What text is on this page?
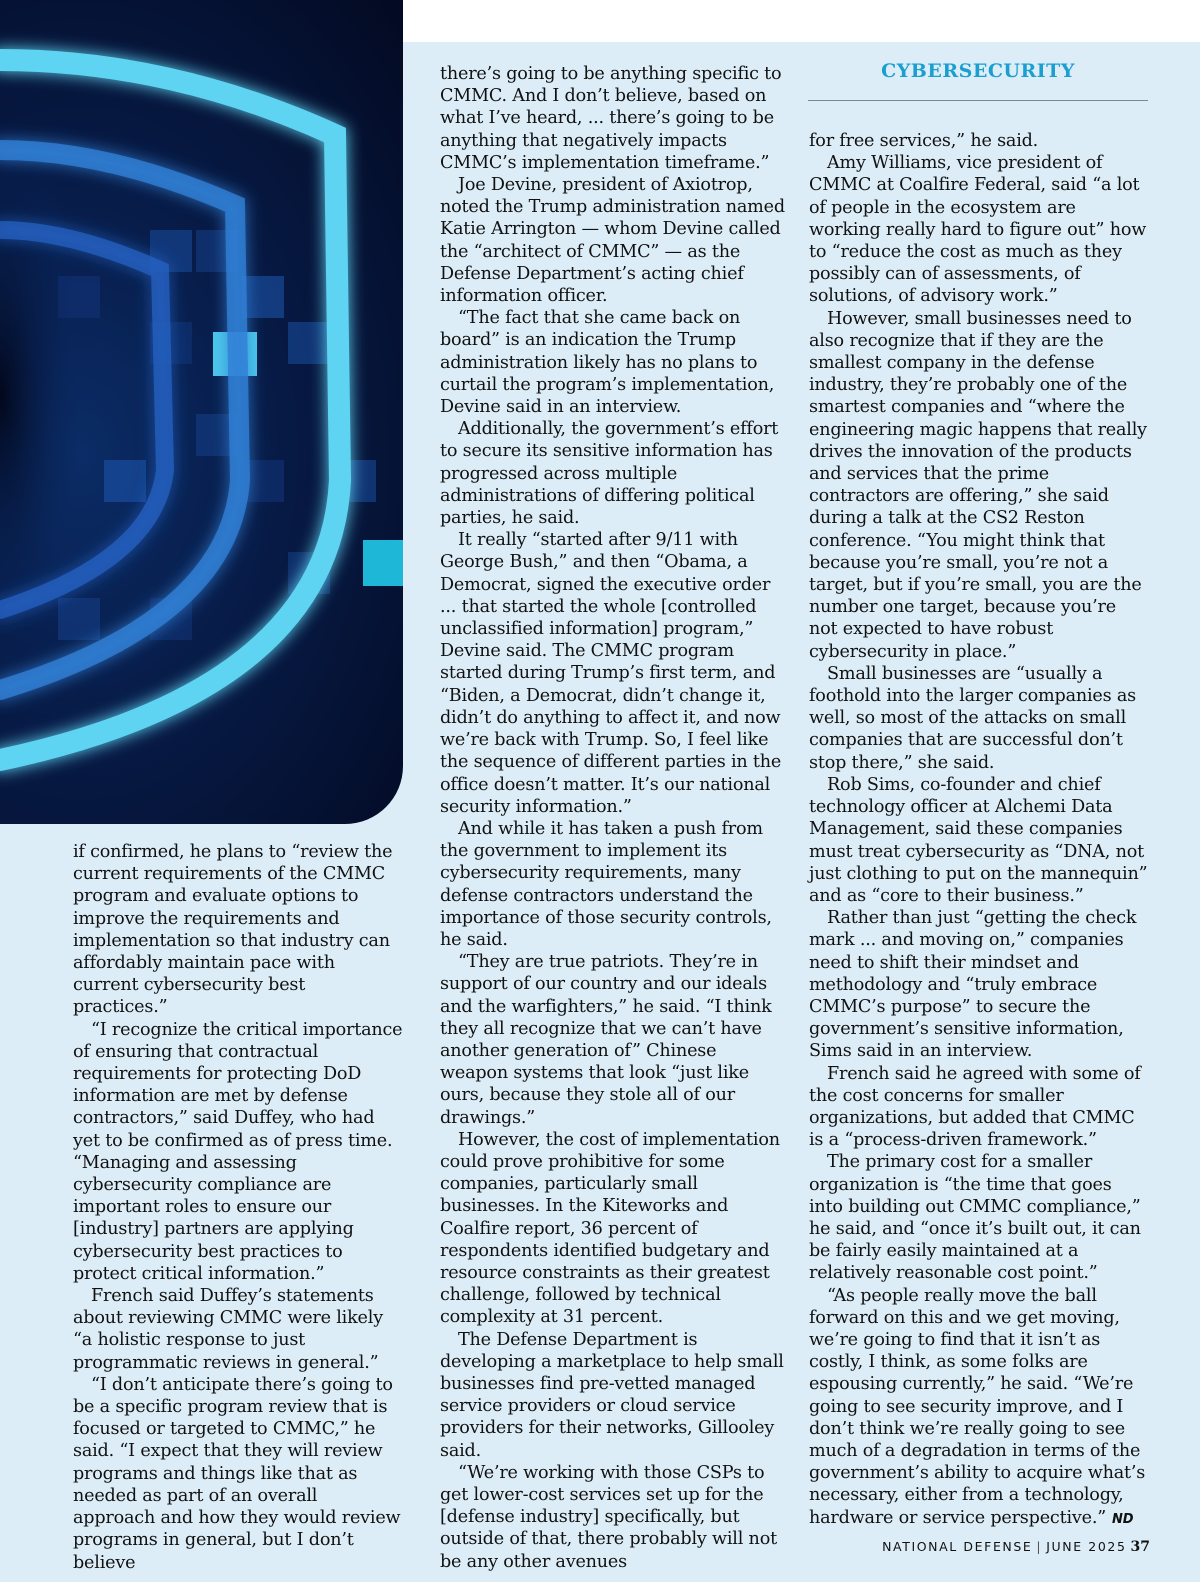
CYBERSECURITY

if confirmed, he plans to “review the current requirements of the CMMC program and evaluate options to improve the requirements and implementation so that industry can affordably maintain pace with current cybersecurity best practices.”

“I recognize the critical importance of ensuring that contractual requirements for protecting DoD information are met by defense contractors,” said Duffey, who had yet to be confirmed as of press time. “Managing and assessing cybersecurity compliance are important roles to ensure our [industry] partners are applying cybersecurity best practices to protect critical information.”

French said Duffey’s statements about reviewing CMMC were likely “a holistic response to just programmatic reviews in general.”

“I don’t anticipate there’s going to be a specific program review that is focused or targeted to CMMC,” he said. “I expect that they will review programs and things like that as needed as part of an overall approach and how they would review programs in general, but I don’t believe

there’s going to be anything specific to CMMC. And I don’t believe, based on what I’ve heard, ... there’s going to be anything that negatively impacts CMMC’s implementation timeframe.”

Joe Devine, president of Axiotrop, noted the Trump administration named Katie Arrington — whom Devine called the “architect of CMMC” — as the Defense Department’s acting chief information officer.

“The fact that she came back on board” is an indication the Trump administration likely has no plans to curtail the program’s implementation, Devine said in an interview.

Additionally, the government’s effort to secure its sensitive information has progressed across multiple administrations of differing political parties, he said.

It really “started after 9/11 with George Bush,” and then “Obama, a Democrat, signed the executive order ... that started the whole [controlled unclassified information] program,” Devine said. The CMMC program started during Trump’s first term, and “Biden, a Democrat, didn’t change it, didn’t do anything to affect it, and now we’re back with Trump. So, I feel like the sequence of different parties in the office doesn’t matter. It’s our national security information.”

And while it has taken a push from the government to implement its cybersecurity requirements, many defense contractors understand the importance of those security controls, he said.

“They are true patriots. They’re in support of our country and our ideals and the warfighters,” he said. “I think they all recognize that we can’t have another generation of” Chinese weapon systems that look “just like ours, because they stole all of our drawings.”

However, the cost of implementation could prove prohibitive for some companies, particularly small businesses. In the Kiteworks and Coalfire report, 36 percent of respondents identified budgetary and resource constraints as their greatest challenge, followed by technical complexity at 31 percent.

The Defense Department is developing a marketplace to help small businesses find pre-vetted managed service providers or cloud service providers for their networks, Gillooley said.

“We’re working with those CSPs to get lower-cost services set up for the [defense industry] specifically, but outside of that, there probably will not be any other avenues

for free services,” he said.

Amy Williams, vice president of CMMC at Coalfire Federal, said “a lot of people in the ecosystem are working really hard to figure out” how to “reduce the cost as much as they possibly can of assessments, of solutions, of advisory work.”

However, small businesses need to also recognize that if they are the smallest company in the defense industry, they’re probably one of the smartest companies and “where the engineering magic happens that really drives the innovation of the products and services that the prime contractors are offering,” she said during a talk at the CS2 Reston conference. “You might think that because you’re small, you’re not a target, but if you’re small, you are the number one target, because you’re not expected to have robust cybersecurity in place.”

Small businesses are “usually a foothold into the larger companies as well, so most of the attacks on small companies that are successful don’t stop there,” she said.

Rob Sims, co-founder and chief technology officer at Alchemi Data Management, said these companies must treat cybersecurity as “DNA, not just clothing to put on the mannequin” and as “core to their business.”

Rather than just “getting the check mark ... and moving on,” companies need to shift their mindset and methodology and “truly embrace CMMC’s purpose” to secure the government’s sensitive information, Sims said in an interview.

French said he agreed with some of the cost concerns for smaller organizations, but added that CMMC is a “process-driven framework.”

The primary cost for a smaller organization is “the time that goes into building out CMMC compliance,” he said, and “once it’s built out, it can be fairly easily maintained at a relatively reasonable cost point.”

“As people really move the ball forward on this and we get moving, we’re going to find that it isn’t as costly, I think, as some folks are espousing currently,” he said. “We’re going to see security improve, and I don’t think we’re really going to see much of a degradation in terms of the government’s ability to acquire what’s necessary, either from a technology, hardware or service perspective.” ND

NATIONAL DEFENSE | JUNE 2025 37
